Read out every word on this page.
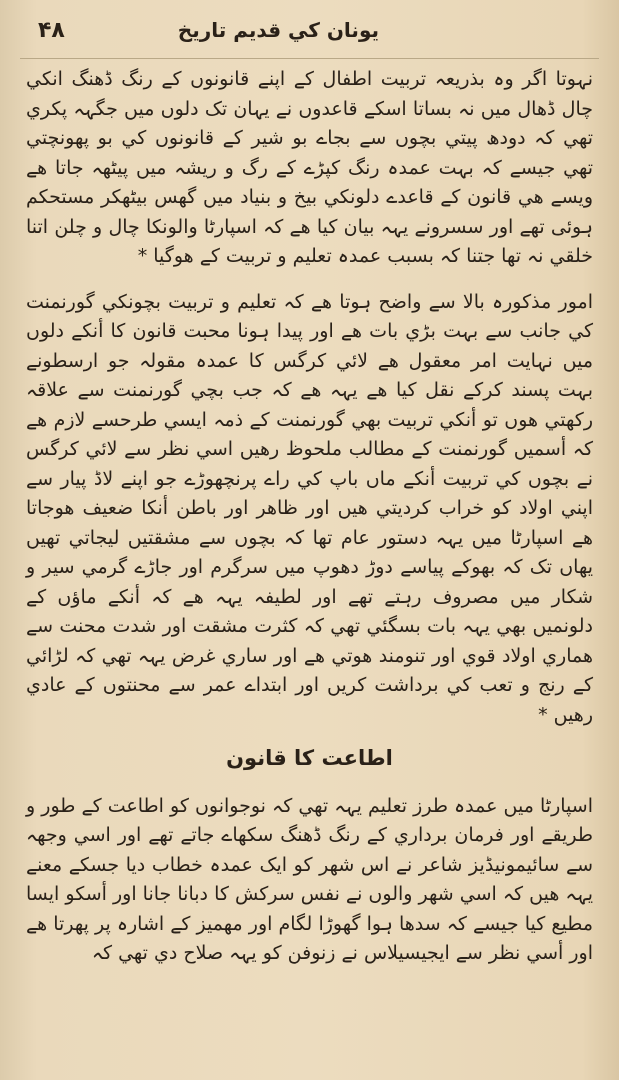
۴۸	یونان کي قدیم تاریخ

نہوتا اگر وہ بذریعہ تربیت اطفال کے اپنے قانونوں کے رنگ ڈھنگ انکي چال ڈھال میں نہ بساتا اسکے قاعدوں نے یہان تک دلوں میں جگہہ پکري تھي کہ دودھ پیتي بچوں سے بجاے بو شیر کے قانونوں کي بو پهونچتي تهي جیسے کہ بہت عمدہ رنگ کپڑے کے رگ و ریشہ میں پیٹھہ جاتا ھے ویسے هي قانون کے قاعدے دلونکي بیخ و بنیاد میں گھس بیٹھکر مستحکم ہوئی تھے اور سسرونے یہہ بیان کیا ھے کہ اسپارٹا والونکا چال و چلن اتنا خلقي نہ تھا جتنا کہ بسبب عمدہ تعلیم و تربیت کے هوگیا *

امور مذکورہ بالا سے واضح ہوتا ھے کہ تعلیم و تربیت بچونکي گورنمنت کي جانب سے بہت بڑي بات ھے اور پیدا ہونا محبت قانون کا أنکے دلوں میں نہایت امر معقول ھے لائي کرگس کا عمدہ مقولہ جو ارسطونے بہت پسند کرکے نقل کیا ھے یہہ ھے کہ جب بچي گورنمنت سے علاقہ رکھتي هوں تو أنکي تربیت بهي گورنمنت کے ذمہ ایسي طرحسے لازم ھے کہ أسمیں گورنمنت کے مطالب ملحوظ رهیں اسي نظر سے لائي کرگس نے بچوں کي تربیت أنکے ماں باپ کي راے پرنچھوڑے جو اپنے لاڈ پیار سے اپني اولاد کو خراب کردیتي هیں اور ظاهر اور باطن أنکا ضعیف هوجاتا ھے اسپارٹا میں یہہ دستور عام تها کہ بچوں سے مشقتیں لیجاتي تهیں یهاں تک کہ بھوکے پیاسے دوڑ دھوپ میں سرگرم اور جاڑے گرمي سیر و شکار میں مصروف رہتے تھے اور لطیفہ یہہ ھے کہ أنکے ماؤں کے دلونمیں بهي یہہ بات بسگئي تهي کہ کثرت مشقت اور شدت محنت سے هماري اولاد قوي اور تنومند هوتي ھے اور ساري غرض یہہ تهي کہ لڑائي کے رنج و تعب کي برداشت کریں اور ابتداے عمر سے محنتوں کے عادي رهیں *

اطاعت کا قانون

اسپارٹا میں عمدہ طرز تعلیم یہہ تهي کہ نوجوانوں کو اطاعت کے طور و طریقے اور فرمان برداري کے رنگ ڈھنگ سکھاے جاتے تھے اور اسي وجهہ سے سائیمونیڈیز شاعر نے اس شهر کو ایک عمدہ خطاب دیا جسکے معنے یہہ هیں کہ اسي شهر والوں نے نفس سرکش کا دبانا جانا اور أسکو ایسا مطیع کیا جیسے کہ سدھا ہوا گھوڑا لگام اور مهمیز کے اشارہ پر پهرتا ھے اور أسي نظر سے ایجیسیلاس نے زنوفن کو یہہ صلاح دي تهي کہ
